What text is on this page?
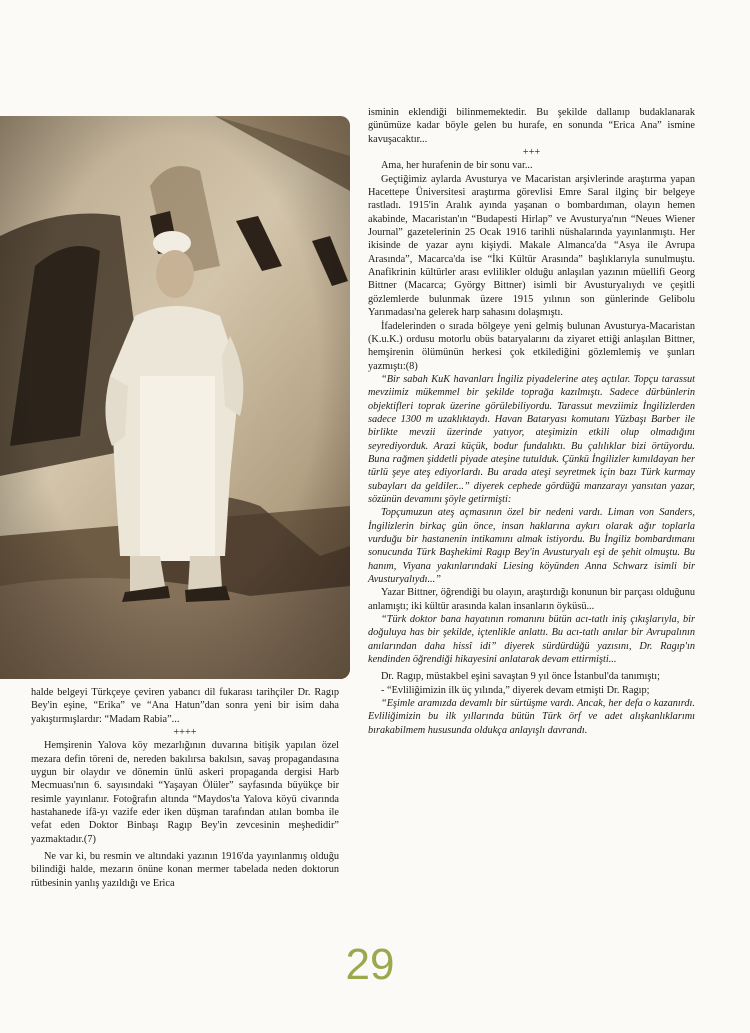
halde belgeyi Türkçeye çeviren yabancı dil fukarası tarihçiler Dr. Ragıp Bey'in eşine, “Erika” ve “Ana Hatun”dan sonra yeni bir isim daha yakıştırmışlardır: “Madam Rabia”...

++++

Hemşirenin Yalova köy mezarlığının duvarına bitişik yapılan özel mezara defin töreni de, nereden bakılırsa bakılsın, savaş propagandasına uygun bir olaydır ve dönemin ünlü askeri propaganda dergisi Harb Mecmuası'nın 6. sayısındaki “Yaşayan Ölüler” sayfasında büyükçe bir resimle yayınlanır. Fotoğrafın altında “Maydos'ta Yalova köyü civarında hastahanede ifâ-yı vazife eder iken düşman tarafından atılan bomba ile vefat eden Doktor Binbaşı Ragıp Bey'in zevcesinin meşhedidir” yazmaktadır.(7)

Ne var ki, bu resmin ve altındaki yazının 1916'da yayınlanmış olduğu bilindiği halde, mezarın önüne konan mermer tabelada neden doktorun rütbesinin yanlış yazıldığı ve Erica

isminin eklendiği bilinmemektedir. Bu şekilde dallanıp budaklanarak günümüze kadar böyle gelen bu hurafe, en sonunda “Erica Ana” ismine kavuşacaktır...

+++

Ama, her hurafenin de bir sonu var...

Geçtiğimiz aylarda Avusturya ve Macaristan arşivlerinde araştırma yapan Hacettepe Üniversitesi araştırma görevlisi Emre Saral ilginç bir belgeye rastladı. 1915'in Aralık ayında yaşanan o bombardıman, olayın hemen akabinde, Macaristan'ın “Budapesti Hirlap” ve Avusturya'nın “Neues Wiener Journal” gazetelerinin 25 Ocak 1916 tarihli nüshalarında yayınlanmıştı. Her ikisinde de yazar aynı kişiydi. Makale Almanca'da “Asya ile Avrupa Arasında”, Macarca'da ise “İki Kültür Arasında” başlıklarıyla sunulmuştu. Anafikrinin kültürler arası evlilikler olduğu anlaşılan yazının müellifi Georg Bittner (Macarca; György Bittner) isimli bir Avusturyalıydı ve çeşitli gözlemlerde bulunmak üzere 1915 yılının son günlerinde Gelibolu Yarımadası'na gelerek harp sahasını dolaşmıştı.

İfadelerinden o sırada bölgeye yeni gelmiş bulunan Avusturya-Macaristan (K.u.K.) ordusu motorlu obüs bataryalarını da ziyaret ettiği anlaşılan Bittner, hemşirenin ölümünün herkesi çok etkilediğini gözlemlemiş ve şunları yazmıştı:(8)

“Bir sabah KuK havanları İngiliz piyadelerine ateş açtılar. Topçu tarassut mevziimiz mükemmel bir şekilde toprağa kazılmıştı. Sadece dürbünlerin objektifleri toprak üzerine görülebiliyordu. Tarassut mevziimiz İngilizlerden sadece 1300 m uzaklıktaydı. Havan Bataryası komutanı Yüzbaşı Barber ile birlikte mevzii üzerinde yatıyor, ateşimizin etkili olup olmadığını seyrediyorduk. Arazi küçük, bodur fundalıktı. Bu çalılıklar bizi örtüyordu. Buna rağmen şiddetli piyade ateşine tutulduk. Çünkü İngilizler kımıldayan her türlü şeye ateş ediyorlardı. Bu arada ateşi seyretmek için bazı Türk kurmay subayları da geldiler...” diyerek cephede gördüğü manzarayı yansıtan yazar, sözünün devamını şöyle getirmişti:

Topçumuzun ateş açmasının özel bir nedeni vardı. Liman von Sanders, İngilizlerin birkaç gün önce, insan haklarına aykırı olarak ağır toplarla vurduğu bir hastanenin intikamını almak istiyordu. Bu İngiliz bombardımanı sonucunda Türk Başhekimi Ragıp Bey'in Avusturyalı eşi de şehit olmuştu. Bu hanım, Viyana yakınlarındaki Liesing köyünden Anna Schwarz isimli bir Avusturyalıydı...”

Yazar Bittner, öğrendiği bu olayın, araştırdığı konunun bir parçası olduğunu anlamıştı; iki kültür arasında kalan insanların öyküsü...

“Türk doktor bana hayatının romanını bütün acı-tatlı iniş çıkışlarıyla, bir doğuluya has bir şekilde, içtenlikle anlattı. Bu acı-tatlı anılar bir Avrupalının anılarından daha hissî idi” diyerek sürdürdüğü yazısını, Dr. Ragıp'ın kendinden öğrendiği hikayesini anlatarak devam ettirmişti...

Dr. Ragıp, müstakbel eşini savaştan 9 yıl önce İstanbul'da tanımıştı;

- “Evliliğimizin ilk üç yılında,” diyerek devam etmişti Dr. Ragıp;

“Eşimle aramızda devamlı bir sürtüşme vardı. Ancak, her defa o kazanırdı. Evliliğimizin bu ilk yıllarında bütün Türk örf ve adet alışkanlıklarımı bırakabilmem hususunda oldukça anlayışlı davrandı.

29
